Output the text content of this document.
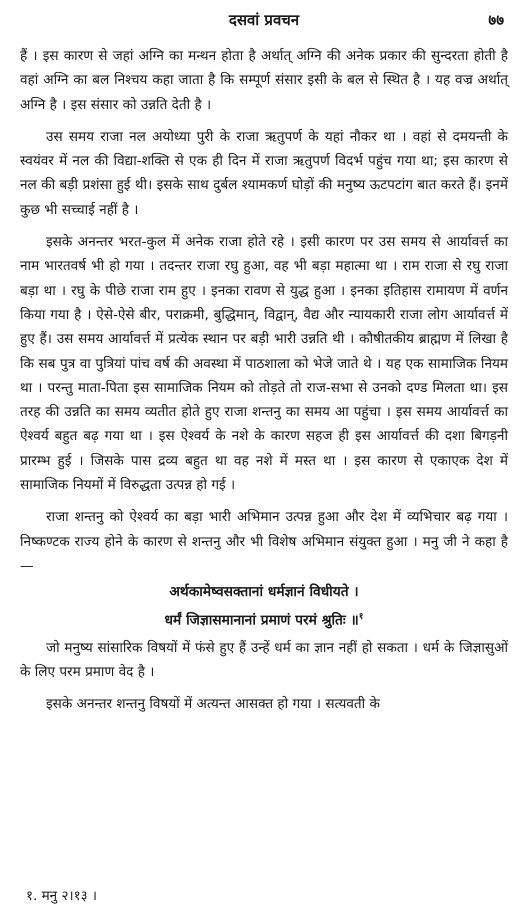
दसवां प्रवचन	७७

हैं । इस कारण से जहां अग्नि का मन्थन होता है अर्थात् अग्नि की अनेक प्रकार की सुन्दरता होती है वहां अग्नि का बल निश्चय कहा जाता है कि सम्पूर्ण संसार इसी के बल से स्थित है । यह वज्र अर्थात् अग्नि है । इस संसार को उन्नति देती है ।

उस समय राजा नल अयोध्या पुरी के राजा ऋतुपर्ण के यहां नौकर था । वहां से दमयन्ती के स्वयंवर में नल की विद्या-शक्ति से एक ही दिन में राजा ऋतुपर्ण विदर्भ पहुंच गया था; इस कारण से नल की बड़ी प्रशंसा हुई थी। इसके साथ दुर्बल श्यामकर्ण घोड़ों की मनुष्य ऊटपटांग बात करते हैं। इनमें कुछ भी सच्चाई नहीं है ।

इसके अनन्तर भरत-कुल में अनेक राजा होते रहे । इसी कारण पर उस समय से आर्यावर्त्त का नाम भारतवर्ष भी हो गया । तदन्तर राजा रघु हुआ, वह भी बड़ा महात्मा था । राम राजा से रघु राजा बड़ा था । रघु के पीछे राजा राम हुए । इनका रावण से युद्ध हुआ । इनका इतिहास रामायण में वर्णन किया गया है । ऐसे-ऐसे बीर, पराक्रमी, बुद्धिमान्, विद्वान्, वैद्य और न्यायकारी राजा लोग आर्यावर्त्त में हुए हैं। उस समय आर्यावर्त्त में प्रत्येक स्थान पर बड़ी भारी उन्नति थी । कौषीतकीय ब्राह्मण में लिखा है कि सब पुत्र वा पुत्रियां पांच वर्ष की अवस्था में पाठशाला को भेजे जाते थे । यह एक सामाजिक नियम था । परन्तु माता-पिता इस सामाजिक नियम को तोड़ते तो राज-सभा से उनको दण्ड मिलता था। इस तरह की उन्नति का समय व्यतीत होते हुए राजा शन्तनु का समय आ पहुंचा । इस समय आर्यावर्त्त का ऐश्वर्य बहुत बढ़ गया था । इस ऐश्वर्य के नशे के कारण सहज ही इस आर्यावर्त्त की दशा बिगड़नी प्रारम्भ हुई । जिसके पास द्रव्य बहुत था वह नशे में मस्त था । इस कारण से एकाएक देश में सामाजिक नियमों में विरुद्धता उत्पन्न हो गई ।

राजा शन्तनु को ऐश्वर्य का बड़ा भारी अभिमान उत्पन्न हुआ और देश में व्यभिचार बढ़ गया । निष्कण्टक राज्य होने के कारण से शन्तनु और भी विशेष अभिमान संयुक्त हुआ । मनु जी ने कहा है—

अर्थकामेष्वसक्तानां धर्मज्ञानं विधीयते ।
धर्मं जिज्ञासमानानां प्रमाणं परमं श्रुतिः ॥$^१$

जो मनुष्य सांसारिक विषयों में फंसे हुए हैं उन्हें धर्म का ज्ञान नहीं हो सकता । धर्म के जिज्ञासुओं के लिए परम प्रमाण वेद है ।

इसके अनन्तर शन्तनु विषयों में अत्यन्त आसक्त हो गया । सत्यवती के

१. मनु २।१३ ।
